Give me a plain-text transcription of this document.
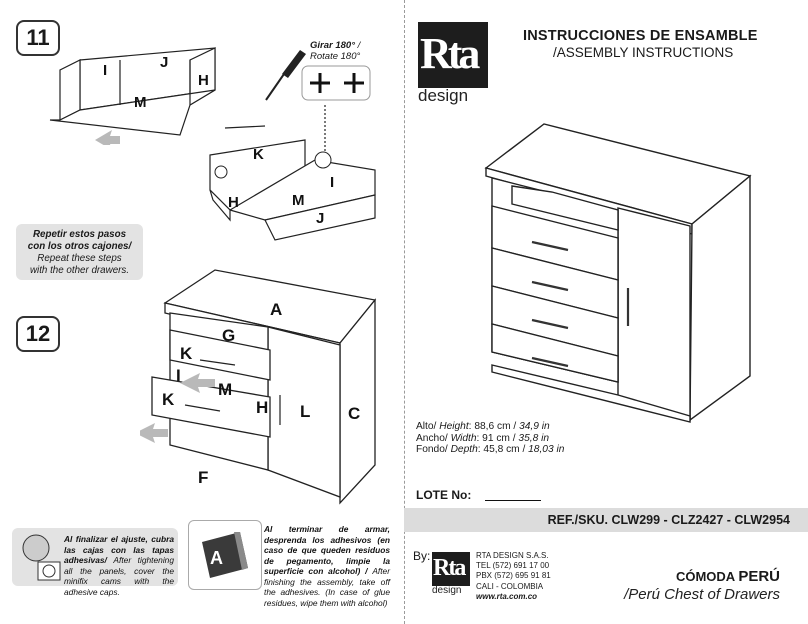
11
12
I	J
H
M
Girar 180° /
Rotate 180°
K
I
H	M
J
Repetir estos pasos
con los otros cajones/
Repeat these steps
with the other drawers.
A
G
K
I
M
K	H L C
F
Al finalizar el ajuste, cubra las cajas con las tapas adhesivas/ After tightening all the panels, cover the minifix cams with the adhesive caps.
A
Al terminar de armar, desprenda los adhesivos (en caso de que queden residuos de pegamento, limpie la superficie con alcohol) / After finishing the assembly, take off the adhesives. (In case of glue residues, wipe them with alcohol)
Rta
design
INSTRUCCIONES DE ENSAMBLE
/ASSEMBLY INSTRUCTIONS
Alto/ Height: 88,6 cm / 34,9 in
Ancho/ Width: 91 cm / 35,8 in
Fondo/ Depth: 45,8 cm / 18,03 in
LOTE No:
REF./SKU. CLW299 - CLZ2427 - CLW2954
By: Rta
design
RTA DESIGN S.A.S.
TEL (572) 691 17 00
PBX (572) 695 91 81
CALI - COLOMBIA
www.rta.com.co
CÓMODA PERÚ
/Perú Chest of Drawers
